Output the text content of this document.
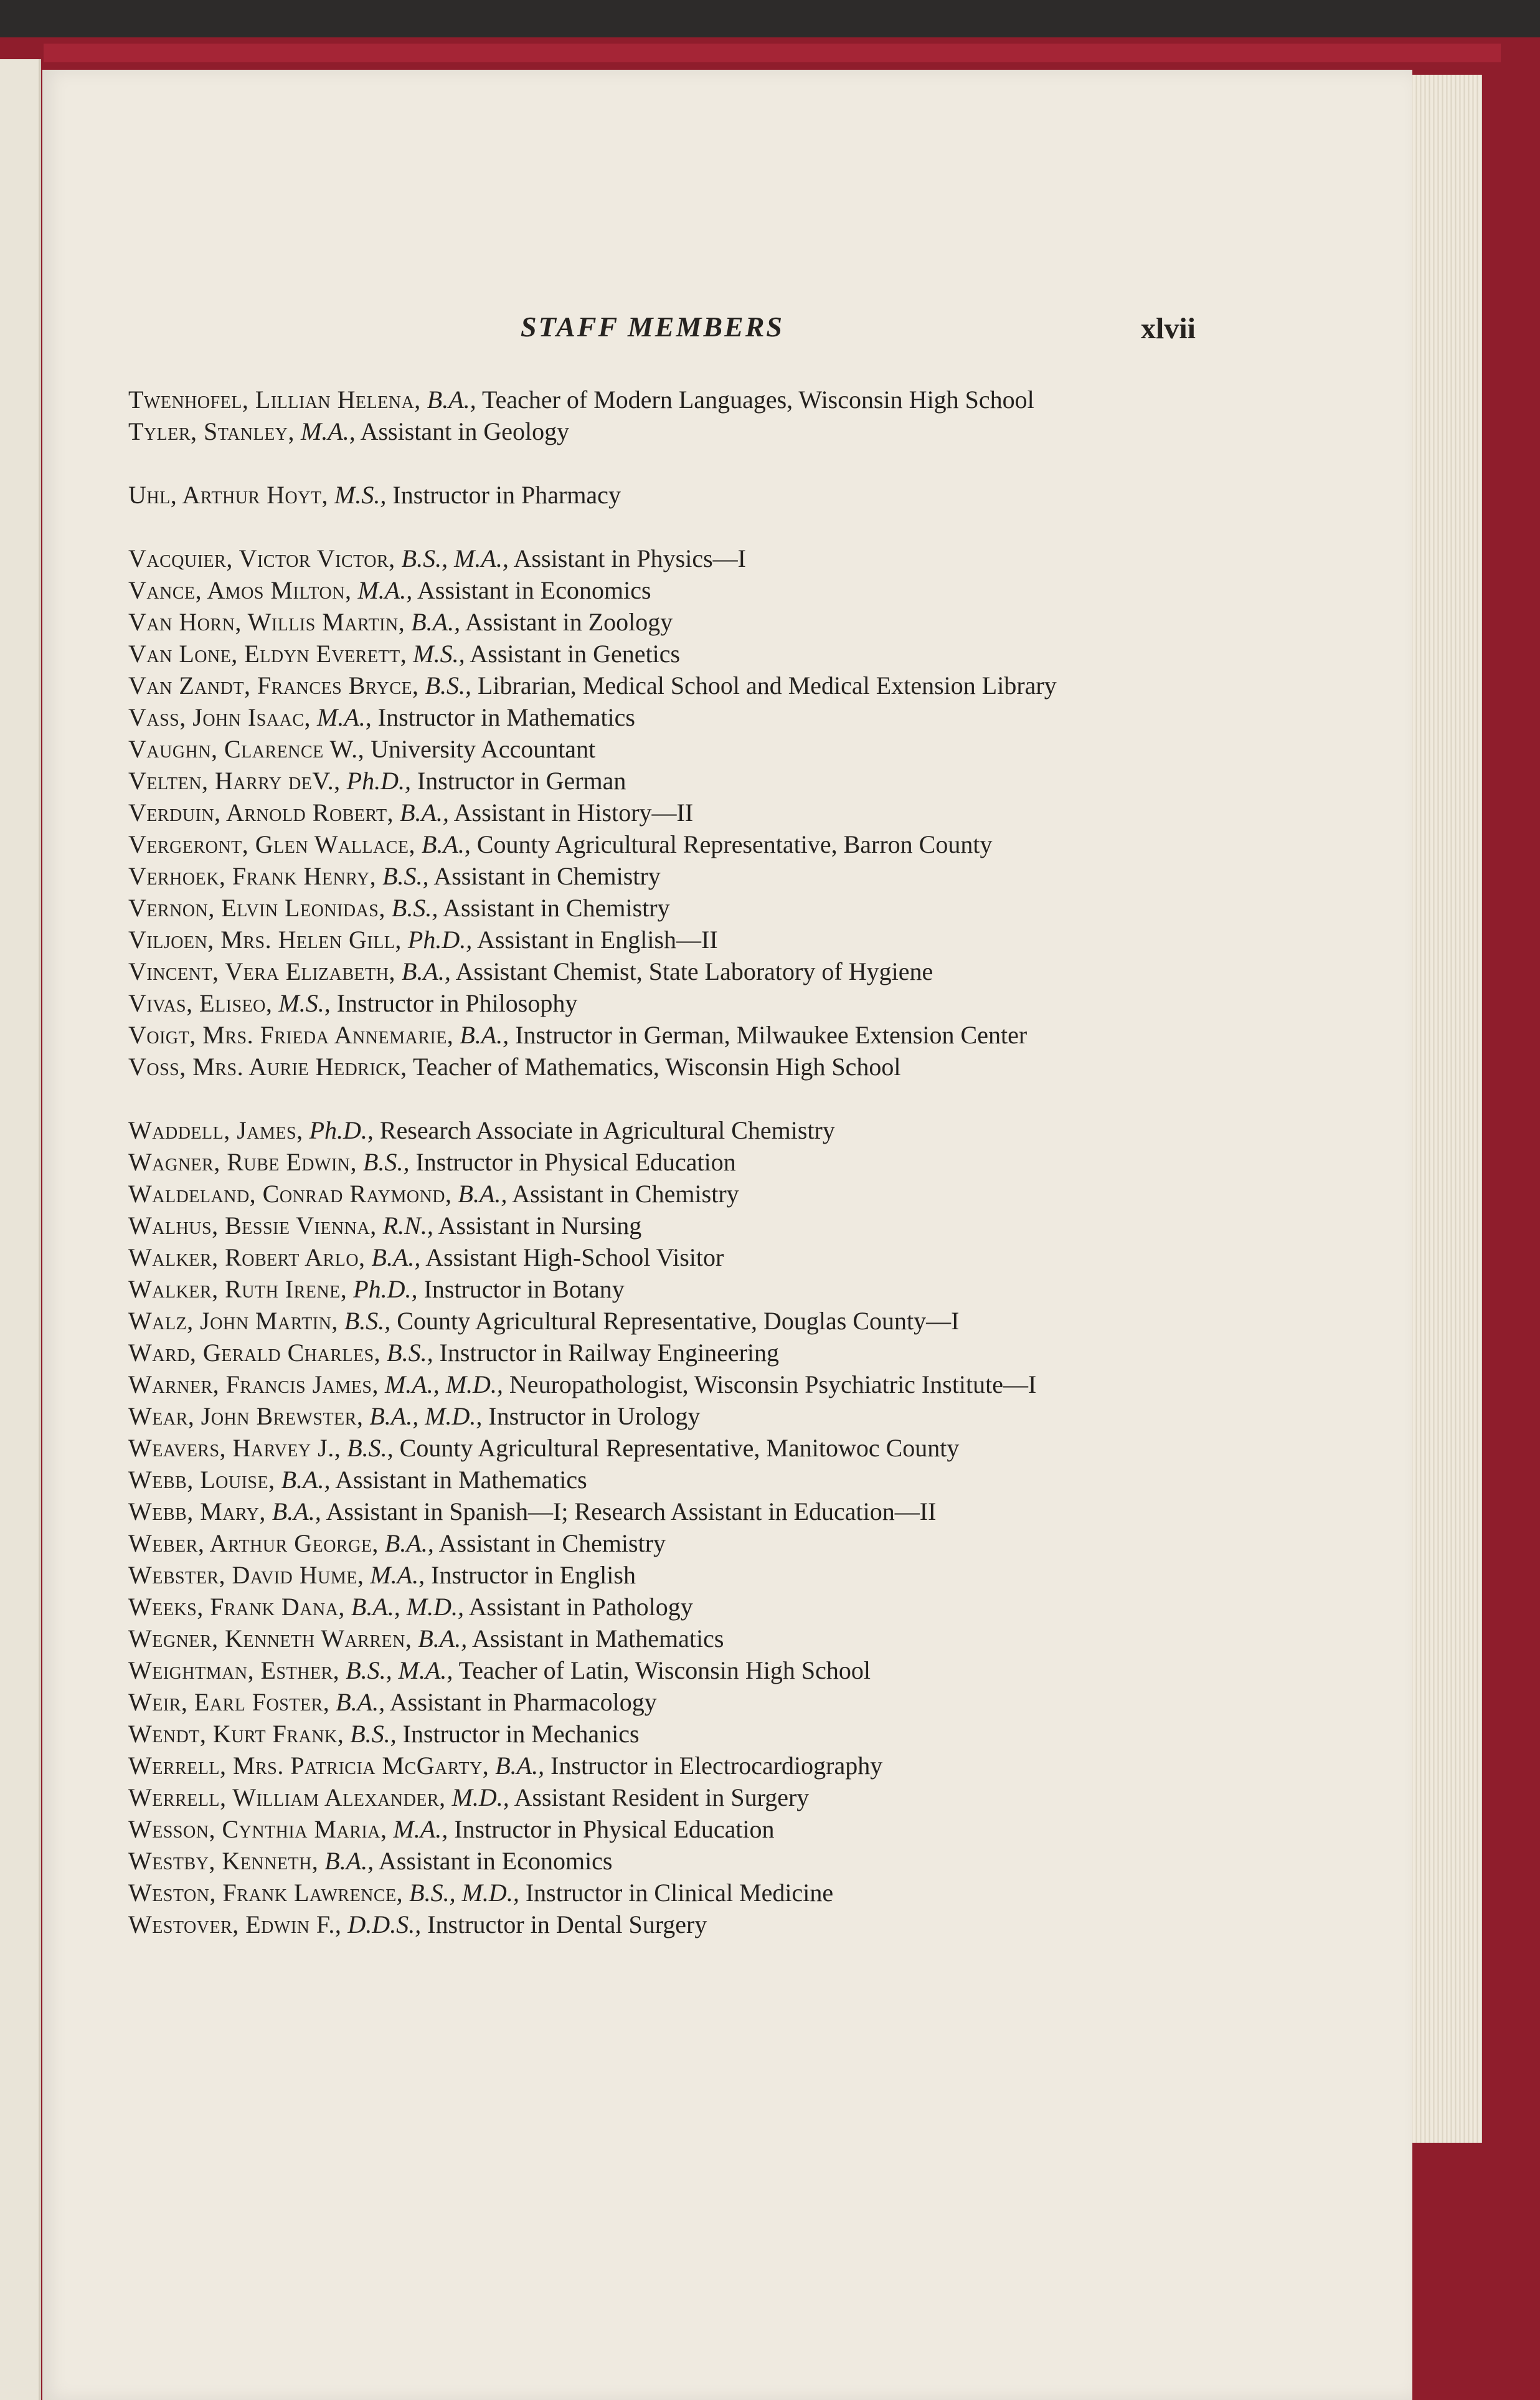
STAFF MEMBERS	xlvii
Twenhofel, Lillian Helena, B.A., Teacher of Modern Languages, Wisconsin High School
Tyler, Stanley, M.A., Assistant in Geology
Uhl, Arthur Hoyt, M.S., Instructor in Pharmacy
Vacquier, Victor Victor, B.S., M.A., Assistant in Physics—I
Vance, Amos Milton, M.A., Assistant in Economics
Van Horn, Willis Martin, B.A., Assistant in Zoology
Van Lone, Eldyn Everett, M.S., Assistant in Genetics
Van Zandt, Frances Bryce, B.S., Librarian, Medical School and Medical Extension Library
Vass, John Isaac, M.A., Instructor in Mathematics
Vaughn, Clarence W., University Accountant
Velten, Harry deV., Ph.D., Instructor in German
Verduin, Arnold Robert, B.A., Assistant in History—II
Vergeront, Glen Wallace, B.A., County Agricultural Representative, Barron County
Verhoek, Frank Henry, B.S., Assistant in Chemistry
Vernon, Elvin Leonidas, B.S., Assistant in Chemistry
Viljoen, Mrs. Helen Gill, Ph.D., Assistant in English—II
Vincent, Vera Elizabeth, B.A., Assistant Chemist, State Laboratory of Hygiene
Vivas, Eliseo, M.S., Instructor in Philosophy
Voigt, Mrs. Frieda Annemarie, B.A., Instructor in German, Milwaukee Extension Center
Voss, Mrs. Aurie Hedrick, Teacher of Mathematics, Wisconsin High School
Waddell, James, Ph.D., Research Associate in Agricultural Chemistry
Wagner, Rube Edwin, B.S., Instructor in Physical Education
Waldeland, Conrad Raymond, B.A., Assistant in Chemistry
Walhus, Bessie Vienna, R.N., Assistant in Nursing
Walker, Robert Arlo, B.A., Assistant High-School Visitor
Walker, Ruth Irene, Ph.D., Instructor in Botany
Walz, John Martin, B.S., County Agricultural Representative, Douglas County—I
Ward, Gerald Charles, B.S., Instructor in Railway Engineering
Warner, Francis James, M.A., M.D., Neuropathologist, Wisconsin Psychiatric Institute—I
Wear, John Brewster, B.A., M.D., Instructor in Urology
Weavers, Harvey J., B.S., County Agricultural Representative, Manitowoc County
Webb, Louise, B.A., Assistant in Mathematics
Webb, Mary, B.A., Assistant in Spanish—I; Research Assistant in Education—II
Weber, Arthur George, B.A., Assistant in Chemistry
Webster, David Hume, M.A., Instructor in English
Weeks, Frank Dana, B.A., M.D., Assistant in Pathology
Wegner, Kenneth Warren, B.A., Assistant in Mathematics
Weightman, Esther, B.S., M.A., Teacher of Latin, Wisconsin High School
Weir, Earl Foster, B.A., Assistant in Pharmacology
Wendt, Kurt Frank, B.S., Instructor in Mechanics
Werrell, Mrs. Patricia McGarty, B.A., Instructor in Electrocardiography
Werrell, William Alexander, M.D., Assistant Resident in Surgery
Wesson, Cynthia Maria, M.A., Instructor in Physical Education
Westby, Kenneth, B.A., Assistant in Economics
Weston, Frank Lawrence, B.S., M.D., Instructor in Clinical Medicine
Westover, Edwin F., D.D.S., Instructor in Dental Surgery
